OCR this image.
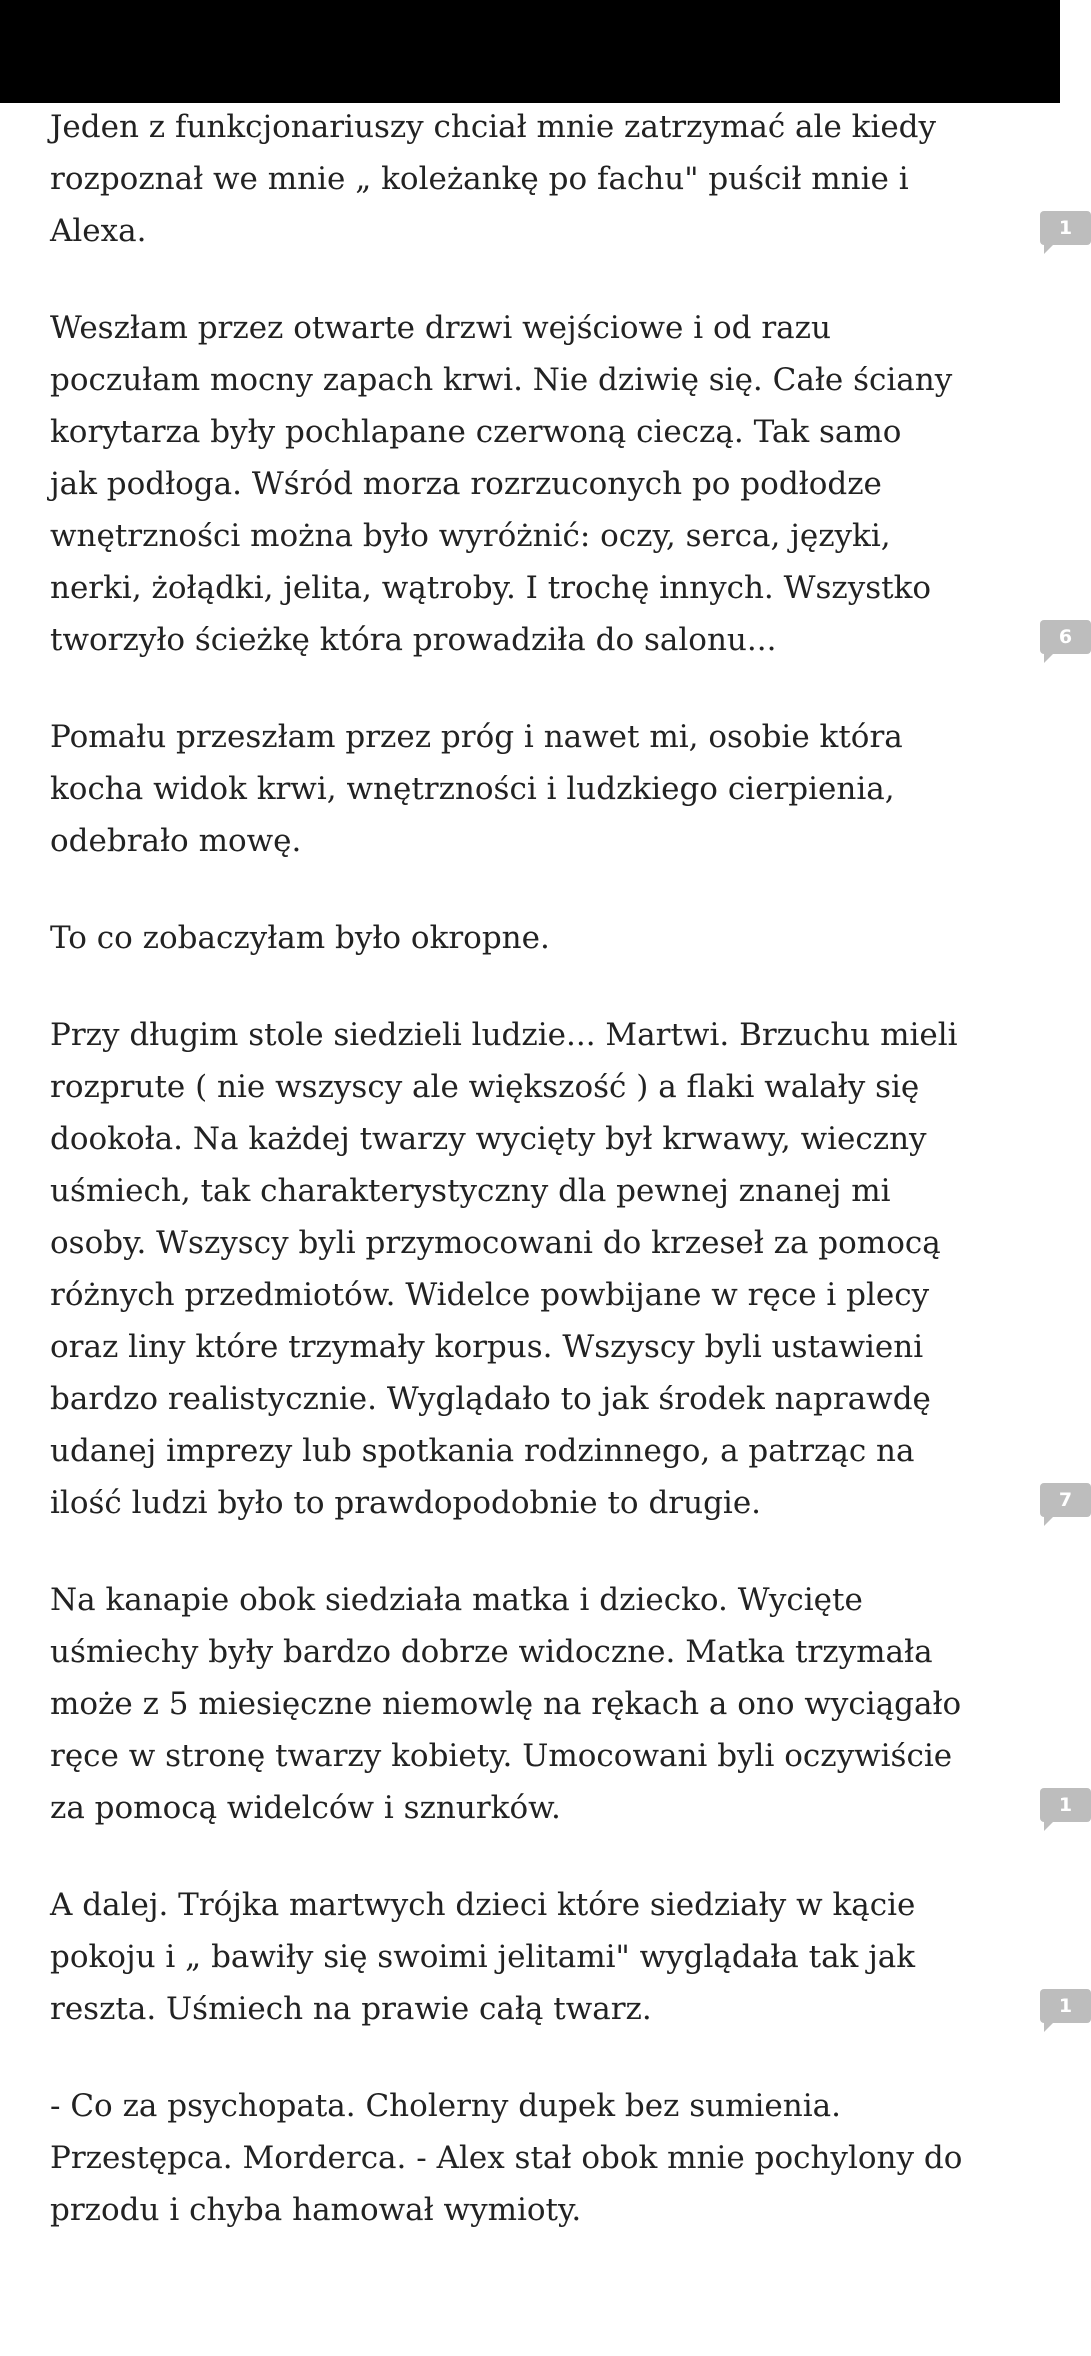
Jeden z funkcjonariuszy chciał mnie zatrzymać ale kiedy
rozpoznał we mnie „ koleżankę po fachu" puścił mnie i
Alexa.	1
Weszłam przez otwarte drzwi wejściowe i od razu
poczułam mocny zapach krwi. Nie dziwię się. Całe ściany
korytarza były pochlapane czerwoną cieczą. Tak samo
jak podłoga. Wśród morza rozrzuconych po podłodze
wnętrzności można było wyróżnić: oczy, serca, języki,
nerki, żołądki, jelita, wątroby. I trochę innych. Wszystko
tworzyło ścieżkę która prowadziła do salonu...	6
Pomału przeszłam przez próg i nawet mi, osobie która
kocha widok krwi, wnętrzności i ludzkiego cierpienia,
odebrało mowę.
To co zobaczyłam było okropne.
Przy długim stole siedzieli ludzie... Martwi. Brzuchu mieli
rozprute ( nie wszyscy ale większość ) a flaki walały się
dookoła. Na każdej twarzy wycięty był krwawy, wieczny
uśmiech, tak charakterystyczny dla pewnej znanej mi
osoby. Wszyscy byli przymocowani do krzeseł za pomocą
różnych przedmiotów. Widelce powbijane w ręce i plecy
oraz liny które trzymały korpus. Wszyscy byli ustawieni
bardzo realistycznie. Wyglądało to jak środek naprawdę
udanej imprezy lub spotkania rodzinnego, a patrząc na
ilość ludzi było to prawdopodobnie to drugie.	7
Na kanapie obok siedziała matka i dziecko. Wycięte
uśmiechy były bardzo dobrze widoczne. Matka trzymała
może z 5 miesięczne niemowlę na rękach a ono wyciągało
ręce w stronę twarzy kobiety. Umocowani byli oczywiście
za pomocą widelców i sznurków.	1
A dalej. Trójka martwych dzieci które siedziały w kącie
pokoju i „ bawiły się swoimi jelitami" wyglądała tak jak
reszta. Uśmiech na prawie całą twarz.	1
- Co za psychopata. Cholerny dupek bez sumienia.
Przestępca. Morderca. - Alex stał obok mnie pochylony do
przodu i chyba hamował wymioty.
